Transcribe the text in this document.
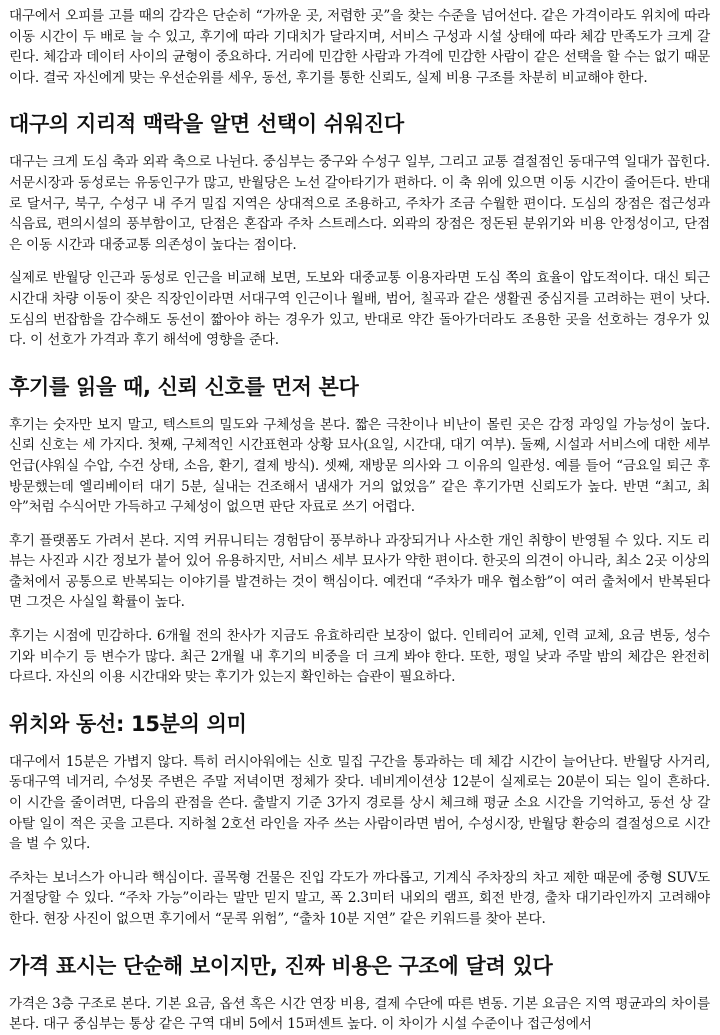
대구에서 오피를 고를 때의 감각은 단순히 “가까운 곳, 저렴한 곳”을 찾는 수준을 넘어선다. 같은 가격이라도 위치에 따라 이동 시간이 두 배로 늘 수 있고, 후기에 따라 기대치가 달라지며, 서비스 구성과 시설 상태에 따라 체감 만족도가 크게 갈린다. 체감과 데이터 사이의 균형이 중요하다. 거리에 민감한 사람과 가격에 민감한 사람이 같은 선택을 할 수는 없기 때문이다. 결국 자신에게 맞는 우선순위를 세우, 동선, 후기를 통한 신뢰도, 실제 비용 구조를 차분히 비교해야 한다.

대구의 지리적 맥락을 알면 선택이 쉬워진다

대구는 크게 도심 축과 외곽 축으로 나뉜다. 중심부는 중구와 수성구 일부, 그리고 교통 결절점인 동대구역 일대가 꼽힌다. 서문시장과 동성로는 유동인구가 많고, 반월당은 노선 갈아타기가 편하다. 이 축 위에 있으면 이동 시간이 줄어든다. 반대로 달서구, 북구, 수성구 내 주거 밀집 지역은 상대적으로 조용하고, 주차가 조금 수월한 편이다. 도심의 장점은 접근성과 식음료, 편의시설의 풍부함이고, 단점은 혼잡과 주차 스트레스다. 외곽의 장점은 정돈된 분위기와 비용 안정성이고, 단점은 이동 시간과 대중교통 의존성이 높다는 점이다.

실제로 반월당 인근과 동성로 인근을 비교해 보면, 도보와 대중교통 이용자라면 도심 쪽의 효율이 압도적이다. 대신 퇴근 시간대 차량 이동이 잦은 직장인이라면 서대구역 인근이나 월배, 범어, 칠곡과 같은 생활권 중심지를 고려하는 편이 낫다. 도심의 번잡함을 감수해도 동선이 짧아야 하는 경우가 있고, 반대로 약간 돌아가더라도 조용한 곳을 선호하는 경우가 있다. 이 선호가 가격과 후기 해석에 영향을 준다.

후기를 읽을 때, 신뢰 신호를 먼저 본다

후기는 숫자만 보지 말고, 텍스트의 밀도와 구체성을 본다. 짧은 극찬이나 비난이 몰린 곳은 감정 과잉일 가능성이 높다. 신뢰 신호는 세 가지다. 첫째, 구체적인 시간표현과 상황 묘사(요일, 시간대, 대기 여부). 둘째, 시설과 서비스에 대한 세부 언급(샤워실 수압, 수건 상태, 소음, 환기, 결제 방식). 셋째, 재방문 의사와 그 이유의 일관성. 예를 들어 “금요일 퇴근 후 방문했는데 엘리베이터 대기 5분, 실내는 건조해서 냄새가 거의 없었음” 같은 후기가면 신뢰도가 높다. 반면 “최고, 최악”처럼 수식어만 가득하고 구체성이 없으면 판단 자료로 쓰기 어렵다.

후기 플랫폼도 가려서 본다. 지역 커뮤니티는 경험담이 풍부하나 과장되거나 사소한 개인 취향이 반영될 수 있다. 지도 리뷰는 사진과 시간 정보가 붙어 있어 유용하지만, 서비스 세부 묘사가 약한 편이다. 한곳의 의견이 아니라, 최소 2곳 이상의 출처에서 공통으로 반복되는 이야기를 발견하는 것이 핵심이다. 예컨대 “주차가 매우 협소함”이 여러 출처에서 반복된다면 그것은 사실일 확률이 높다.

후기는 시점에 민감하다. 6개월 전의 찬사가 지금도 유효하리란 보장이 없다. 인테리어 교체, 인력 교체, 요금 변동, 성수기와 비수기 등 변수가 많다. 최근 2개월 내 후기의 비중을 더 크게 봐야 한다. 또한, 평일 낮과 주말 밤의 체감은 완전히 다르다. 자신의 이용 시간대와 맞는 후기가 있는지 확인하는 습관이 필요하다.

위치와 동선: 15분의 의미

대구에서 15분은 가볍지 않다. 특히 러시아워에는 신호 밀집 구간을 통과하는 데 체감 시간이 늘어난다. 반월당 사거리, 동대구역 네거리, 수성못 주변은 주말 저녁이면 정체가 잦다. 네비게이션상 12분이 실제로는 20분이 되는 일이 흔하다. 이 시간을 줄이려면, 다음의 관점을 쓴다. 출발지 기준 3가지 경로를 상시 체크해 평균 소요 시간을 기억하고, 동선 상 갈아탈 일이 적은 곳을 고른다. 지하철 2호선 라인을 자주 쓰는 사람이라면 범어, 수성시장, 반월당 환승의 결절성으로 시간을 벌 수 있다.

주차는 보너스가 아니라 핵심이다. 골목형 건물은 진입 각도가 까다롭고, 기계식 주차장의 차고 제한 때문에 중형 SUV도 거절당할 수 있다. “주차 가능”이라는 말만 믿지 말고, 폭 2.3미터 내외의 램프, 회전 반경, 출차 대기라인까지 고려해야 한다. 현장 사진이 없으면 후기에서 “문콕 위험”, “출차 10분 지연” 같은 키워드를 찾아 본다.

가격 표시는 단순해 보이지만, 진짜 비용은 구조에 달려 있다

가격은 3층 구조로 본다. 기본 요금, 옵션 혹은 시간 연장 비용, 결제 수단에 따른 변동. 기본 요금은 지역 평균과의 차이를 본다. 대구 중심부는 통상 같은 구역 대비 5에서 15퍼센트 높다. 이 차이가 시설 수준이나 접근성에서
